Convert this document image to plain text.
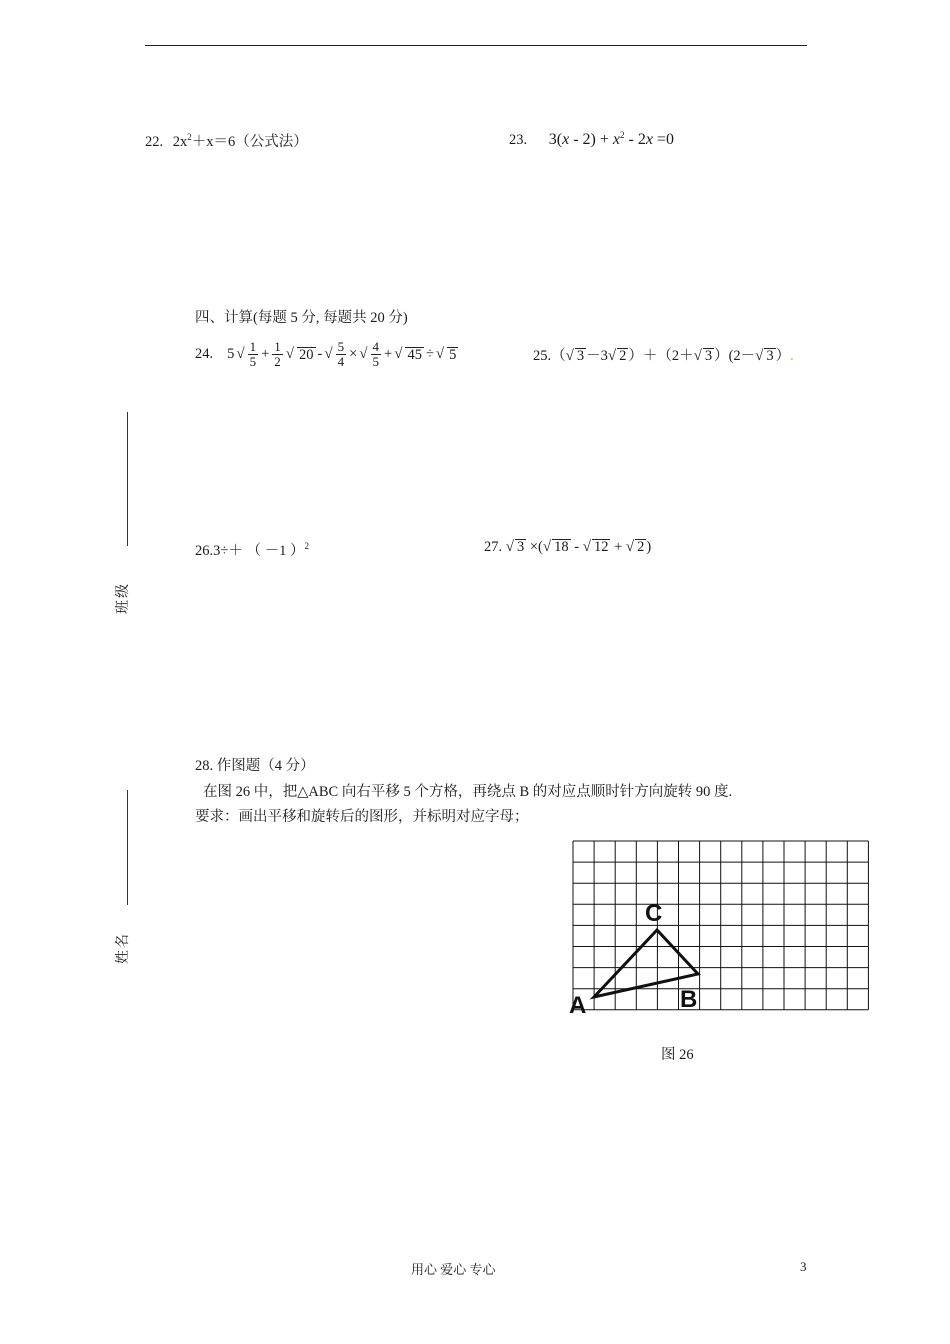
班级
姓名
22. $2x^2+x=6$（公式法）	23. $3(x - 2) + x^2 - 2x =0$
四、计算(每题 5 分, 每题共 20 分)
24. 5 √ $\frac{1}{5} + \frac{1}{2}$ √ 20 - √ $\frac{5}{4}$ × √ $\frac{4}{5}$ + √ 45 ÷ √ 5	25.（√ 3 －3√ 2 ）＋（2＋√ 3 ）(2－√ 3 ）.
26.3÷＋ （ －1 ）$^2$	27. √ 3 ×(√ 18 - √ 12 + √ 2 )
28. 作图题（4 分）
在图 26 中，把△ABC 向右平移 5 个方格，再绕点 B 的对应点顺时针方向旋转 90 度.
要求：画出平移和旋转后的图形，并标明对应字母；
C
A	B
图 26
用心 爱心 专心	3
